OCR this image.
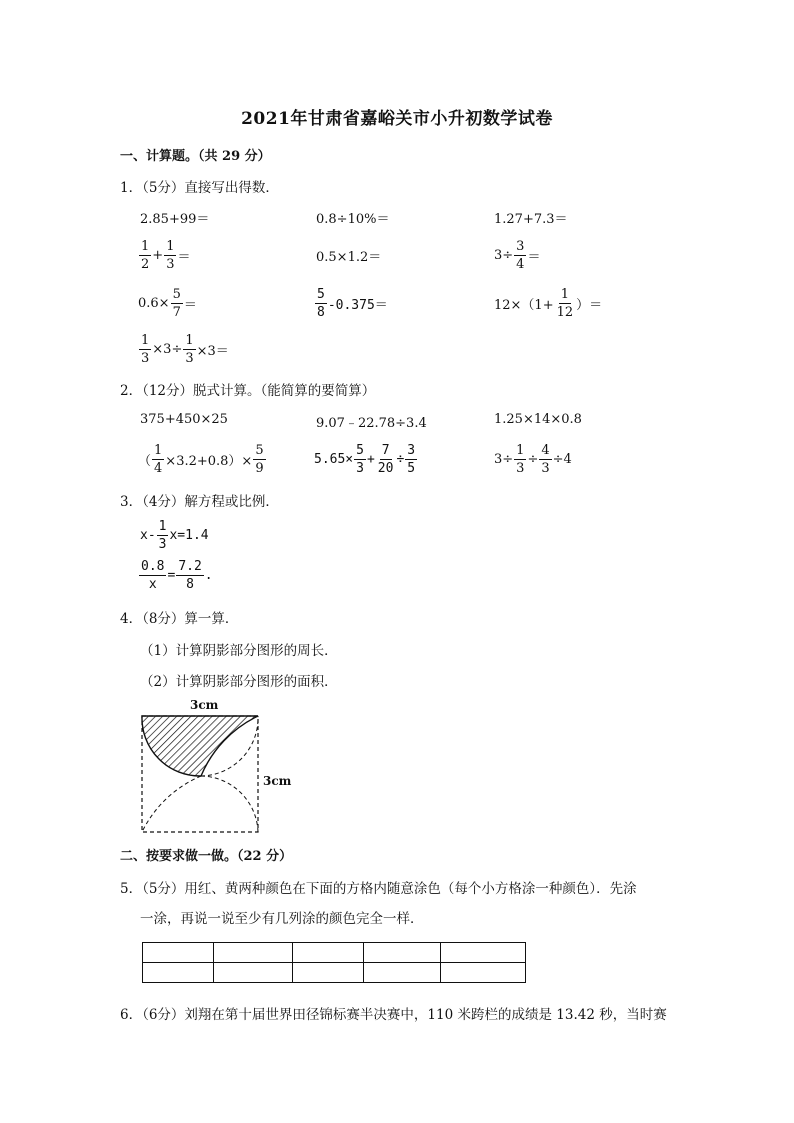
2021年甘肃省嘉峪关市小升初数学试卷
一、计算题。（共 29 分）
1．（5分）直接写出得数．
2.85+99＝	0.8÷10%＝	1.27+7.3＝
$\frac{1}{2} + \frac{1}{3}$ ＝	0.5×1.2＝	$3\div \frac{3}{4}$ ＝
$0.6\times \frac{5}{7}$ ＝	$\frac{5}{8} -0.375=$	$12\times(1+ \frac{1}{12}$ ）＝
$\frac{1}{3} \times 3\div \frac{1}{3} \times 3=$
2．（12分）脱式计算。（能简算的要简算）
375+450×25	9.07﹣22.78÷3.4	1.25×14×0.8
（ $\frac{1}{4} \times 3.2+0.8)\times \frac{5}{9}$	$5.65\times \frac{5}{3} + \frac{7}{20} \div \frac{3}{5}$	$3\div \frac{1}{3} \div \frac{4}{3} \div 4$
3．（4分）解方程或比例．
$x- \frac{1}{3} x=1.4$
$\frac{0.8}{x} = \frac{7.2}{8}$ .
4．（8分）算一算．
（1）计算阴影部分图形的周长．
（2）计算阴影部分图形的面积．
3cm
3cm
二、按要求做一做。（22 分）
5．（5分）用红、黄两种颜色在下面的方格内随意涂色（每个小方格涂一种颜色）．先涂
一涂，再说一说至少有几列涂的颜色完全一样．

6．（6分）刘翔在第十届世界田径锦标赛半决赛中，110 米跨栏的成绩是 13.42 秒，当时赛
